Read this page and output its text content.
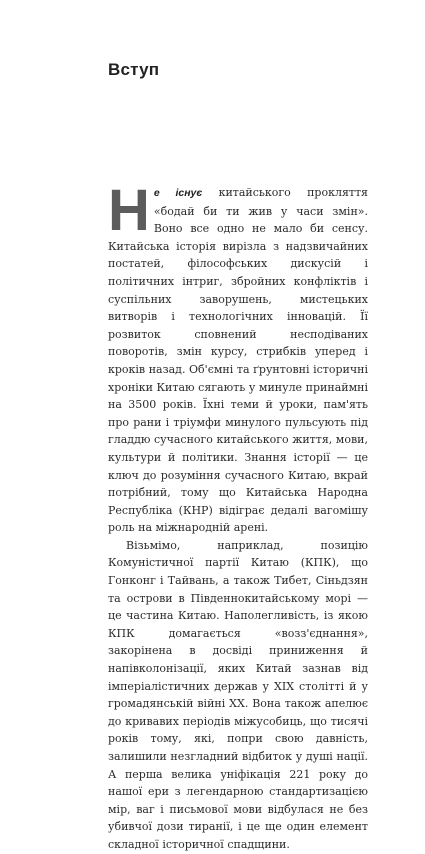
Вступ

Не існує китайського прокляття «бодай би ти жив у часи змін». Воно все одно не мало би сенсу. Китайська історія вирізла з надзвичайних постатей, філософських дискусій і політичних інтриг, збройних конфліктів і суспільних заворушень, мистецьких витворів і технологічних інновацій. Її розвиток сповнений несподіваних поворотів, змін курсу, стрибків уперед і кроків назад. Об'ємні та ґрунтовні історичні хроніки Китаю сягають у минуле принаймні на 3500 років. Їхні теми й уроки, пам'ять про рани і тріумфи минулого пульсують під гладдю сучасного китайського життя, мови, культури й політики. Знання історії — це ключ до розуміння сучасного Китаю, вкрай потрібний, тому що Китайська Народна Республіка (КНР) відіграє дедалі вагомішу роль на міжнародній арені.

Візьмімо, наприклад, позицію Комуністичної партії Китаю (КПК), що Гонконг і Тайвань, а також Тибет, Сіньдзян та острови в Південнокитайському морі — це частина Китаю. Наполегливість, із якою КПК домагається «возз'єднання», закорінена в досвіді приниження й напівколонізації, яких Китай зазнав від імперіалістичних держав у ХІХ столітті й у громадянській війні ХХ. Вона також апелює до кривавих періодів міжусобиць, що тисячі років тому, які, попри свою давність, залишили незгладний відбиток у душі нації. А перша велика уніфікація 221 року до нашої ери з легендарною стандартизацією мір, ваг і письмової мови відбулася не без убивчої дози тиранії, і це ще один елемент складної історичної спадщини.
